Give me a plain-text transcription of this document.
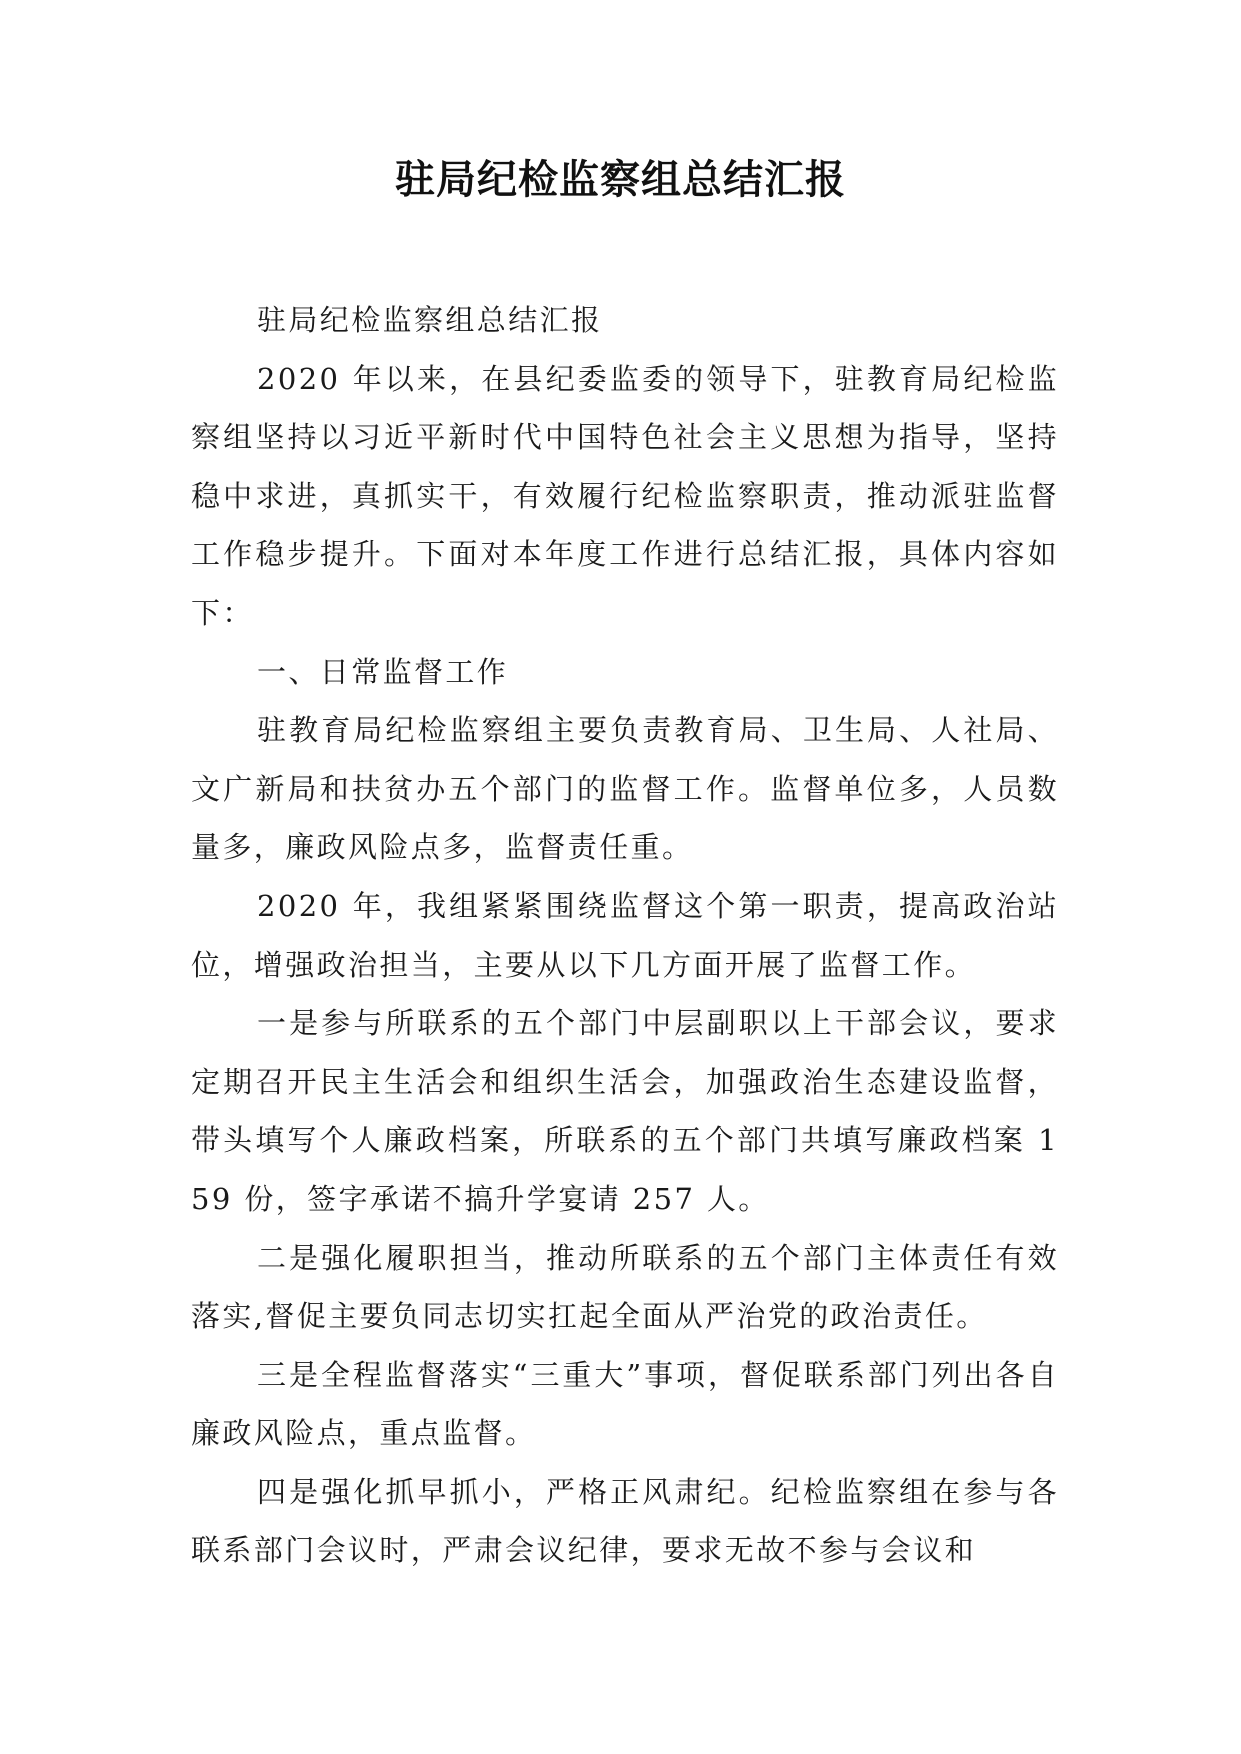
驻局纪检监察组总结汇报

驻局纪检监察组总结汇报

2020 年以来，在县纪委监委的领导下，驻教育局纪检监察组坚持以习近平新时代中国特色社会主义思想为指导，坚持稳中求进，真抓实干，有效履行纪检监察职责，推动派驻监督工作稳步提升。下面对本年度工作进行总结汇报，具体内容如下：

一、日常监督工作

驻教育局纪检监察组主要负责教育局、卫生局、人社局、文广新局和扶贫办五个部门的监督工作。监督单位多，人员数量多，廉政风险点多，监督责任重。

2020 年，我组紧紧围绕监督这个第一职责，提高政治站位，增强政治担当，主要从以下几方面开展了监督工作。

一是参与所联系的五个部门中层副职以上干部会议，要求定期召开民主生活会和组织生活会，加强政治生态建设监督，带头填写个人廉政档案，所联系的五个部门共填写廉政档案 159 份，签字承诺不搞升学宴请 257 人。

二是强化履职担当，推动所联系的五个部门主体责任有效落实,督促主要负同志切实扛起全面从严治党的政治责任。

三是全程监督落实“三重大”事项，督促联系部门列出各自廉政风险点，重点监督。

四是强化抓早抓小，严格正风肃纪。纪检监察组在参与各联系部门会议时，严肃会议纪律，要求无故不参与会议和
